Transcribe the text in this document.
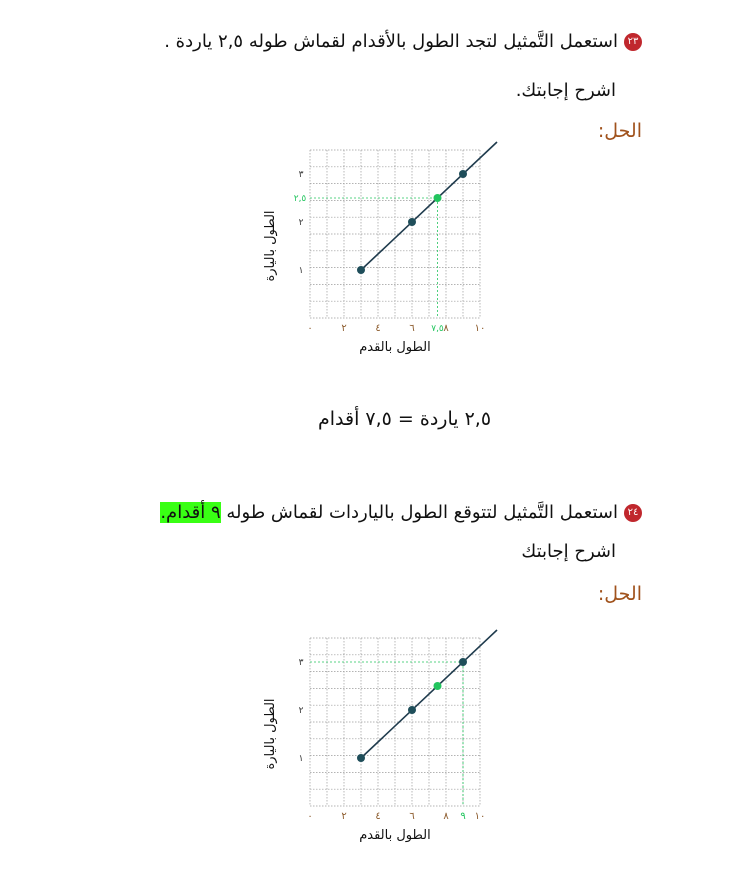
٢٣استعمل التَّمثيل لتجد الطول بالأقدام لقماش طوله ٢,٥ ياردة .
اشرح إجابتك.
الحل:
٠	٢	٤	٦	٨	١٠
١
٢
٣
الطول بالقدم
الطول باليارة
٢,٥
٧,٥
٢,٥ ياردة = ٧,٥ أقدام
٢٤استعمل التَّمثيل لتتوقع الطول بالياردات لقماش طوله ٩ أقدام.
اشرح إجابتك
الحل:
٠	٢	٤	٦	٨	١٠
١
٢
٣
الطول بالقدم
الطول باليارة
٩
